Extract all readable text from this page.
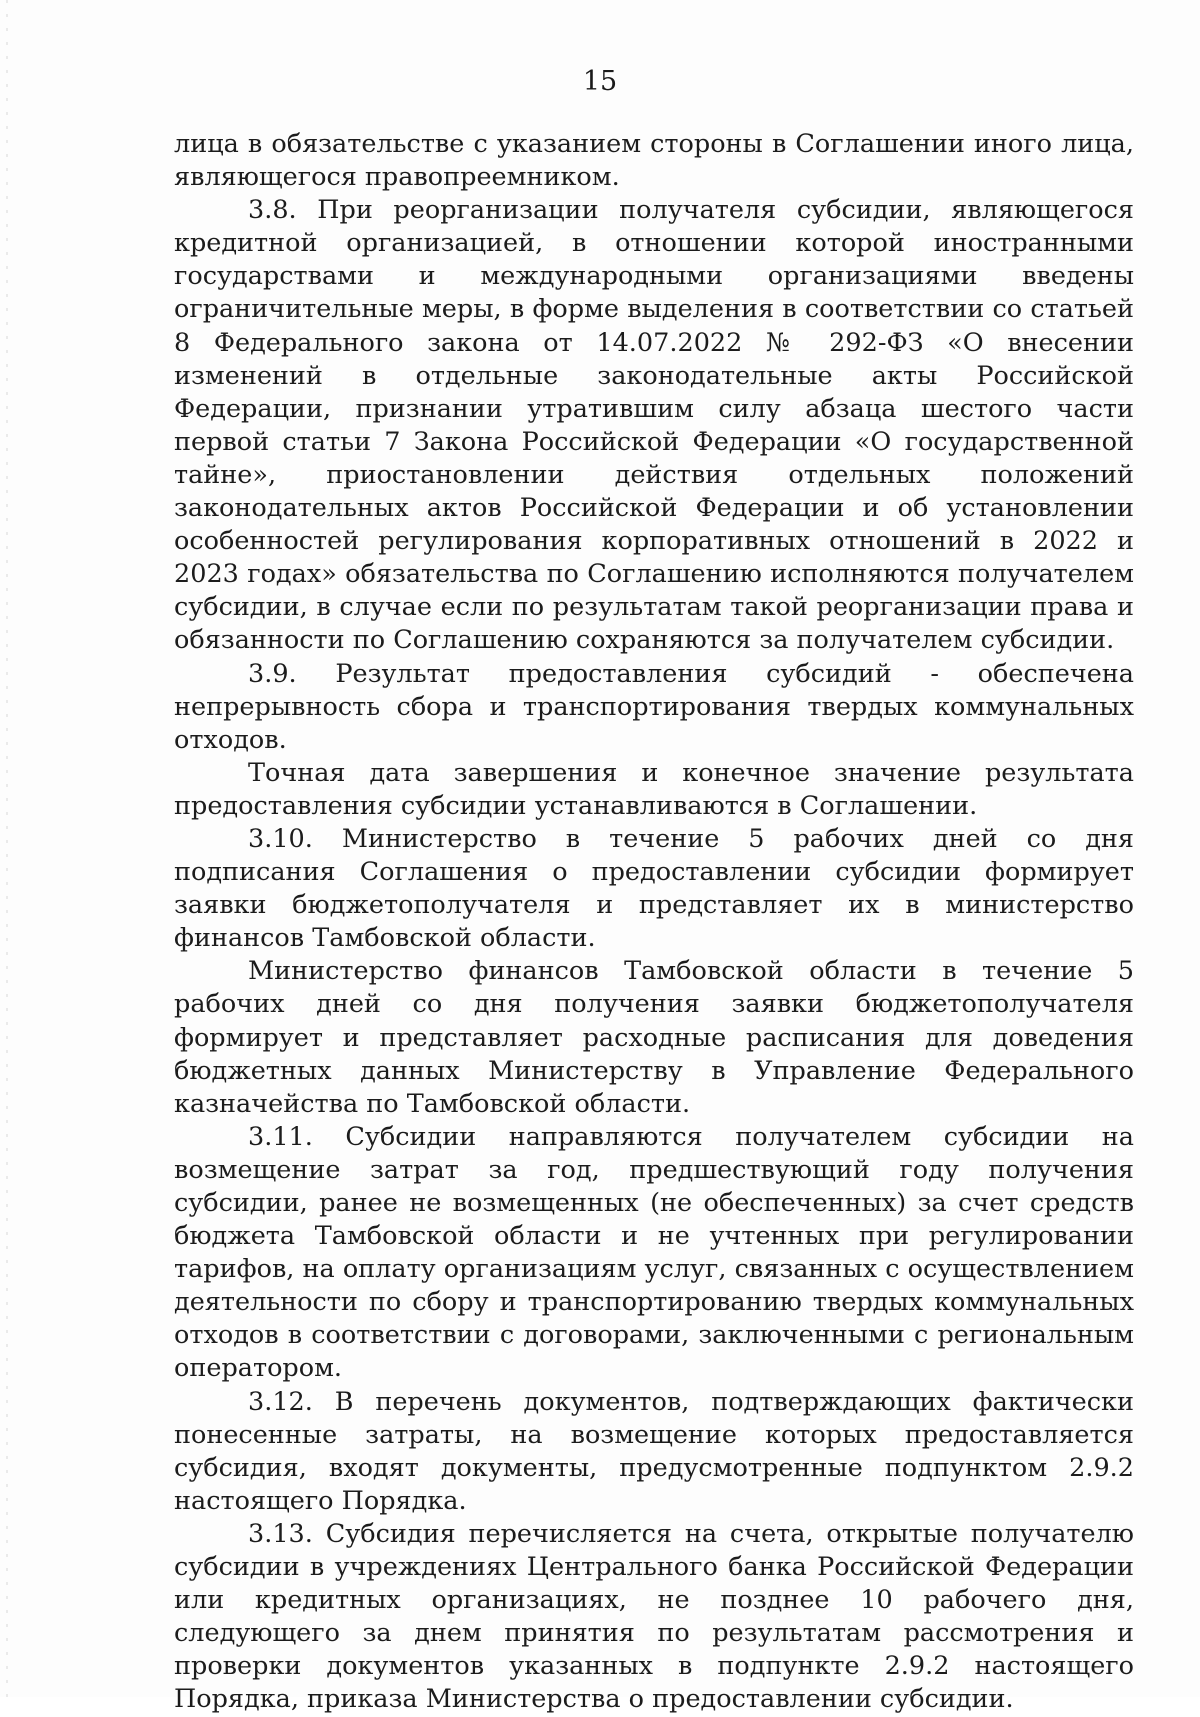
15

лица в обязательстве с указанием стороны в Соглашении иного лица, являющегося правопреемником.

3.8. При реорганизации получателя субсидии, являющегося кредитной организацией, в отношении которой иностранными государствами и международными организациями введены ограничительные меры, в форме выделения в соответствии со статьей 8 Федерального закона от 14.07.2022 № 292-ФЗ «О внесении изменений в отдельные законодательные акты Российской Федерации, признании утратившим силу абзаца шестого части первой статьи 7 Закона Российской Федерации «О государственной тайне», приостановлении действия отдельных положений законодательных актов Российской Федерации и об установлении особенностей регулирования корпоративных отношений в 2022 и 2023 годах» обязательства по Соглашению исполняются получателем субсидии, в случае если по результатам такой реорганизации права и обязанности по Соглашению сохраняются за получателем субсидии.

3.9. Результат предоставления субсидий - обеспечена непрерывность сбора и транспортирования твердых коммунальных отходов.

Точная дата завершения и конечное значение результата предоставления субсидии устанавливаются в Соглашении.

3.10. Министерство в течение 5 рабочих дней со дня подписания Соглашения о предоставлении субсидии формирует заявки бюджетополучателя и представляет их в министерство финансов Тамбовской области.

Министерство финансов Тамбовской области в течение 5 рабочих дней со дня получения заявки бюджетополучателя формирует и представляет расходные расписания для доведения бюджетных данных Министерству в Управление Федерального казначейства по Тамбовской области.

3.11. Субсидии направляются получателем субсидии на возмещение затрат за год, предшествующий году получения субсидии, ранее не возмещенных (не обеспеченных) за счет средств бюджета Тамбовской области и не учтенных при регулировании тарифов, на оплату организациям услуг, связанных с осуществлением деятельности по сбору и транспортированию твердых коммунальных отходов в соответствии с договорами, заключенными с региональным оператором.

3.12. В перечень документов, подтверждающих фактически понесенные затраты, на возмещение которых предоставляется субсидия, входят документы, предусмотренные подпунктом 2.9.2 настоящего Порядка.

3.13. Субсидия перечисляется на счета, открытые получателю субсидии в учреждениях Центрального банка Российской Федерации или кредитных организациях, не позднее 10 рабочего дня, следующего за днем принятия по результатам рассмотрения и проверки документов указанных в подпункте 2.9.2 настоящего Порядка, приказа Министерства о предоставлении субсидии.
